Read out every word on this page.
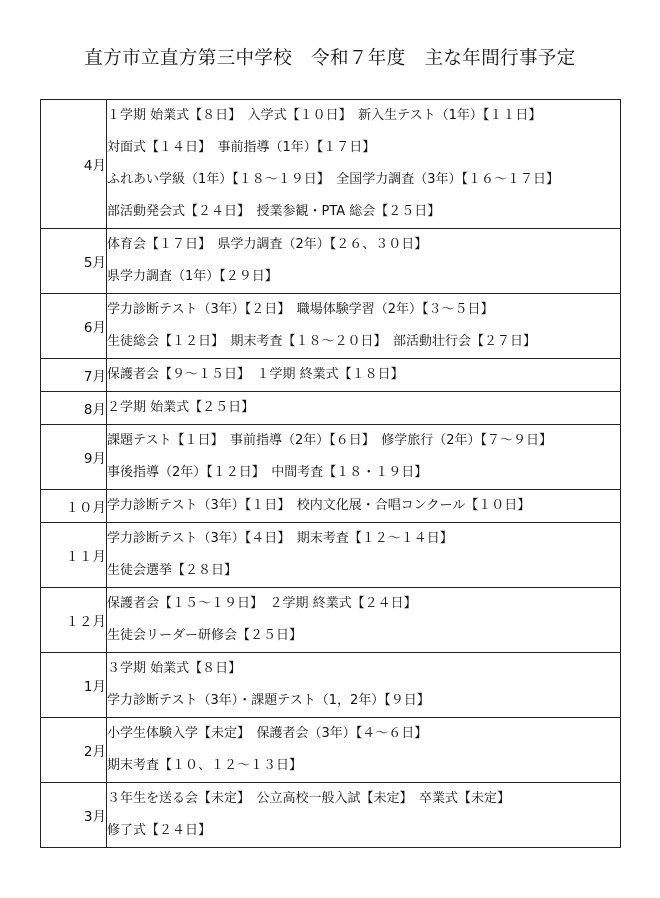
直方市立直方第三中学校　令和７年度　主な年間行事予定
4月	１学期 始業式【８日】　入学式【１０日】　新入生テスト（1年）【１１日】
対面式【１４日】　事前指導（1年）【１７日】
ふれあい学級（1年）【１８～１９日】　全国学力調査（3年）【１６～１７日】
部活動発会式【２４日】　授業参観・PTA 総会【２５日】

5月	体育会【１７日】　県学力調査（2年）【２６、３０日】
県学力調査（1年）【２９日】

6月	学力診断テスト（3年）【２日】　職場体験学習（2年）【３～５日】
生徒総会【１２日】　期末考査【１８～２０日】　部活動壮行会【２７日】

7月	保護者会【９～１５日】　１学期 終業式【１８日】

8月	２学期 始業式【２５日】

9月	課題テスト【１日】　事前指導（2年）【６日】　修学旅行（2年）【７～９日】
事後指導（2年）【１２日】　中間考査【１８・１９日】

１０月	学力診断テスト（3年）【１日】　校内文化展・合唱コンクール【１０日】

１１月	学力診断テスト（3年）【４日】　期末考査【１２～１４日】
生徒会選挙【２８日】

１２月	保護者会【１５～１９日】　２学期 終業式【２４日】
生徒会リーダー研修会【２５日】

1月	３学期 始業式【８日】
学力診断テスト（3年）・課題テスト（1，2年）【９日】

2月	小学生体験入学【未定】　保護者会（3年）【４～６日】
期末考査【１０、１２～１３日】

3月	３年生を送る会【未定】　公立高校一般入試【未定】　卒業式【未定】
修了式【２４日】
